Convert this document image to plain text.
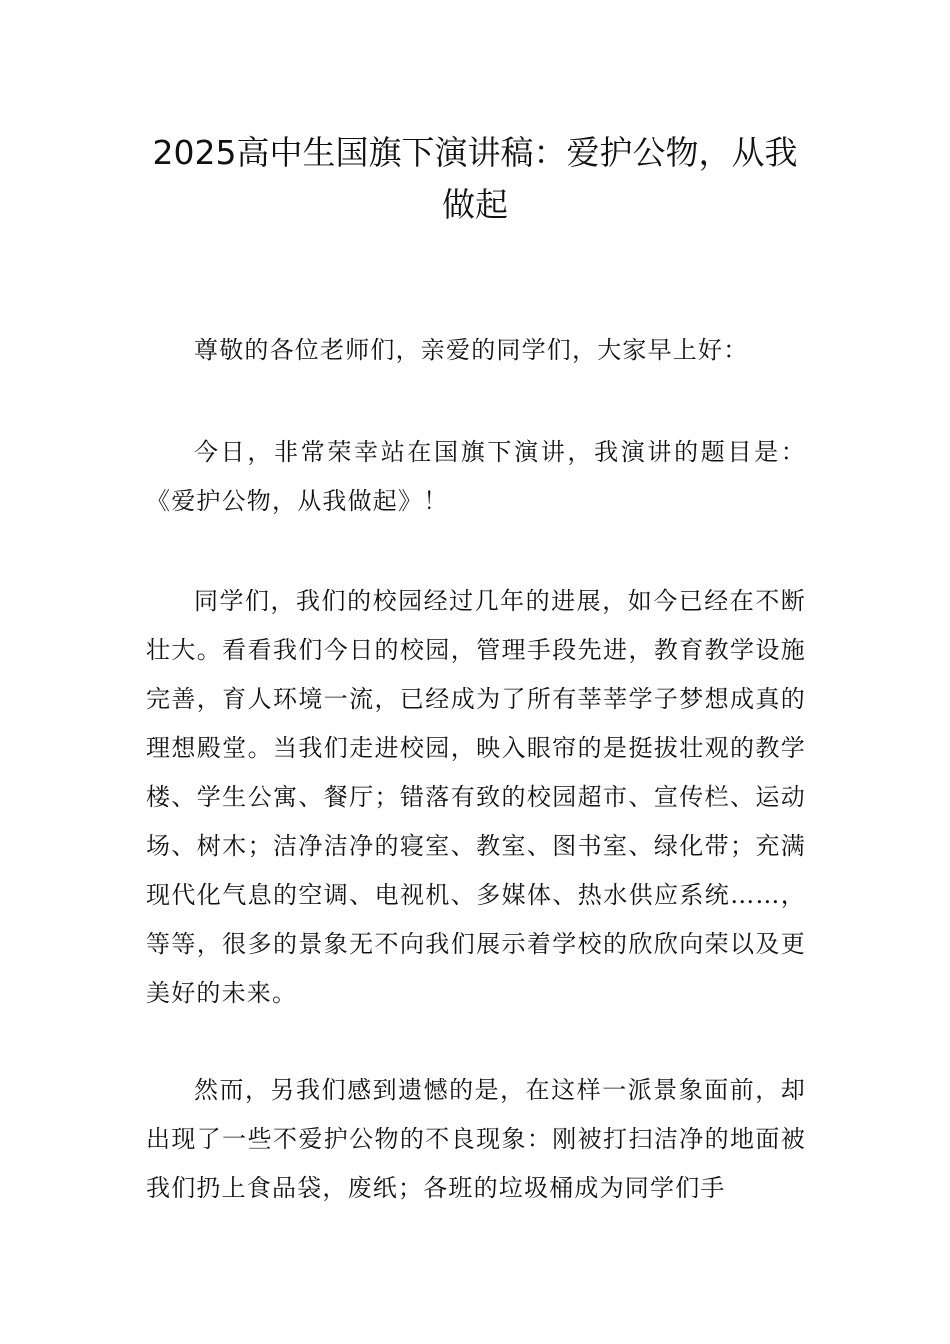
2025高中生国旗下演讲稿：爱护公物，从我做起

尊敬的各位老师们，亲爱的同学们，大家早上好：

今日，非常荣幸站在国旗下演讲，我演讲的题目是：《爱护公物，从我做起》！

同学们，我们的校园经过几年的进展，如今已经在不断壮大。看看我们今日的校园，管理手段先进，教育教学设施完善，育人环境一流，已经成为了所有莘莘学子梦想成真的理想殿堂。当我们走进校园，映入眼帘的是挺拔壮观的教学楼、学生公寓、餐厅；错落有致的校园超市、宣传栏、运动场、树木；洁净洁净的寝室、教室、图书室、绿化带；充满现代化气息的空调、电视机、多媒体、热水供应系统……，等等，很多的景象无不向我们展示着学校的欣欣向荣以及更美好的未来。

然而，另我们感到遗憾的是，在这样一派景象面前，却出现了一些不爱护公物的不良现象：刚被打扫洁净的地面被我们扔上食品袋，废纸；各班的垃圾桶成为同学们手
